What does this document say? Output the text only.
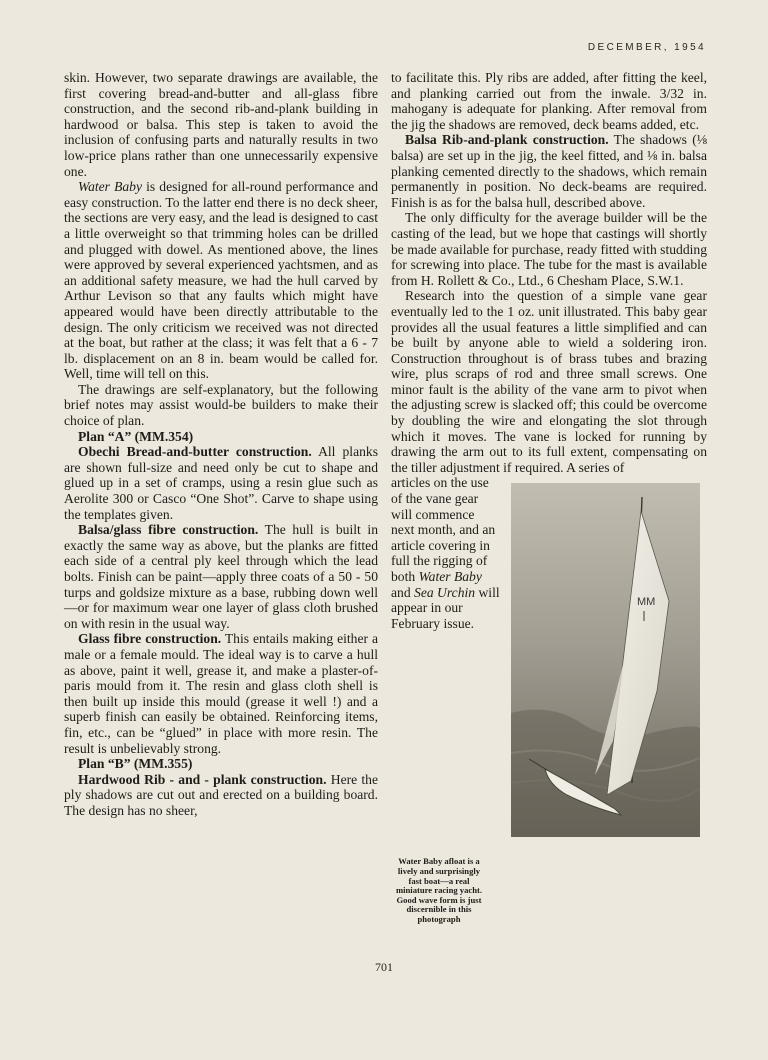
DECEMBER, 1954

skin. However, two separate drawings are available, the first covering bread-and-butter and all-glass fibre construction, and the second rib-and-plank building in hardwood or balsa. This step is taken to avoid the inclusion of confusing parts and naturally results in two low-price plans rather than one unnecessarily expensive one.

Water Baby is designed for all-round performance and easy construction. To the latter end there is no deck sheer, the sections are very easy, and the lead is designed to cast a little overweight so that trimming holes can be drilled and plugged with dowel. As mentioned above, the lines were approved by several experienced yachtsmen, and as an additional safety measure, we had the hull carved by Arthur Levison so that any faults which might have appeared would have been directly attributable to the design. The only criticism we received was not directed at the boat, but rather at the class; it was felt that a 6 - 7 lb. displacement on an 8 in. beam would be called for. Well, time will tell on this.

The drawings are self-explanatory, but the following brief notes may assist would-be builders to make their choice of plan.

Plan “A” (MM.354)

Obechi Bread-and-butter construction. All planks are shown full-size and need only be cut to shape and glued up in a set of cramps, using a resin glue such as Aerolite 300 or Casco “One Shot”. Carve to shape using the templates given.

Balsa/glass fibre construction. The hull is built in exactly the same way as above, but the planks are fitted each side of a central ply keel through which the lead bolts. Finish can be paint—apply three coats of a 50 - 50 turps and goldsize mixture as a base, rubbing down well—or for maximum wear one layer of glass cloth brushed on with resin in the usual way.

Glass fibre construction. This entails making either a male or a female mould. The ideal way is to carve a hull as above, paint it well, grease it, and make a plaster-of-paris mould from it. The resin and glass cloth shell is then built up inside this mould (grease it well !) and a superb finish can easily be obtained. Reinforcing items, fin, etc., can be “glued” in place with more resin. The result is unbelievably strong.

Plan “B” (MM.355)

Hardwood Rib - and - plank construction. Here the ply shadows are cut out and erected on a building board. The design has no sheer,

to facilitate this. Ply ribs are added, after fitting the keel, and planking carried out from the inwale. 3/32 in. mahogany is adequate for planking. After removal from the jig the shadows are removed, deck beams added, etc.

Balsa Rib-and-plank construction. The shadows (⅛ balsa) are set up in the jig, the keel fitted, and ⅛ in. balsa planking cemented directly to the shadows, which remain permanently in position. No deck-beams are required. Finish is as for the balsa hull, described above.

The only difficulty for the average builder will be the casting of the lead, but we hope that castings will shortly be made available for purchase, ready fitted with studding for screwing into place. The tube for the mast is available from H. Rollett & Co., Ltd., 6 Chesham Place, S.W.1.

Research into the question of a simple vane gear eventually led to the 1 oz. unit illustrated. This baby gear provides all the usual features a little simplified and can be built by anyone able to wield a soldering iron. Construction throughout is of brass tubes and brazing wire, plus scraps of rod and three small screws. One minor fault is the ability of the vane arm to pivot when the adjusting screw is slacked off; this could be overcome by doubling the wire and elongating the slot through which it moves. The vane is locked for running by drawing the arm out to its full extent, compensating on the tiller adjustment if required. A series of

articles on the use of the vane gear will commence next month, and an article covering in full the rigging of both Water Baby and Sea Urchin will appear in our February issue.
Water Baby afloat is a lively and surprisingly fast boat—a real miniature racing yacht. Good wave form is just discernible in this photograph
MM
701
